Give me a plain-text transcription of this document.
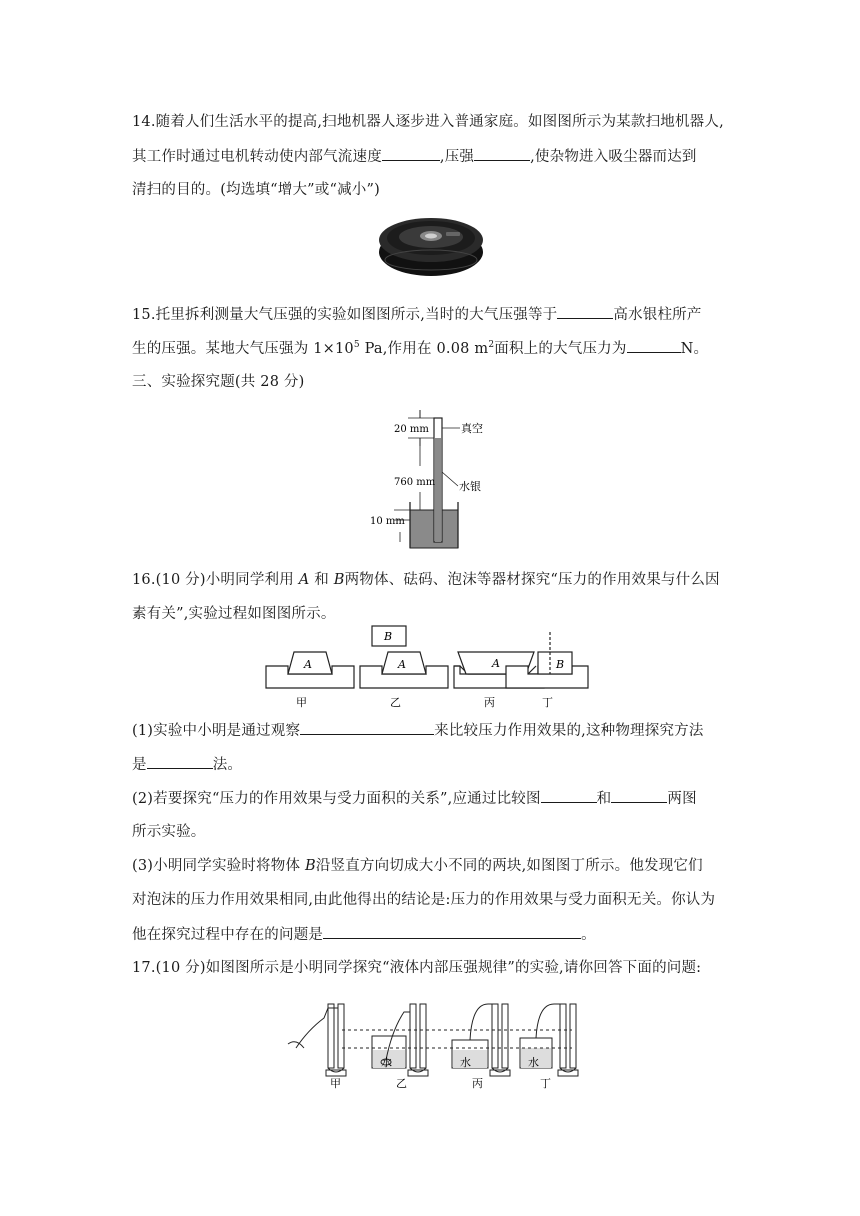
14.随着人们生活水平的提高,扫地机器人逐步进入普通家庭。如图图所示为某款扫地机器人,
其工作时通过电机转动使内部气流速度	,压强	,使杂物进入吸尘器而达到
清扫的目的。(均选填“增大”或“减小”)
15.托里拆利测量大气压强的实验如图图所示,当时的大气压强等于	高水银柱所产
生的压强。某地大气压强为 $1\times 10^5$ Pa,作用在 0.08 $m^2$面积上的大气压力为	N。
三、实验探究题(共 28 分)
20 mm
760 mm
10 mm
真空
水银
16.(10 分)小明同学利用 A 和 B两物体、砝码、泡沫等器材探究“压力的作用效果与什么因
素有关”,实验过程如图图所示。
A	A
B
A	B
甲	乙	丙	丁
(1)实验中小明是通过观察	来比较压力作用效果的,这种物理探究方法
是	法。
(2)若要探究“压力的作用效果与受力面积的关系”,应通过比较图	和	两图
所示实验。
(3)小明同学实验时将物体 B沿竖直方向切成大小不同的两块,如图图丁所示。他发现它们
对泡沫的压力作用效果相同,由此他得出的结论是:压力的作用效果与受力面积无关。你认为
他在探究过程中存在的问题是	。
17.(10 分)如图图所示是小明同学探究“液体内部压强规律”的实验,请你回答下面的问题:
水	水	水
甲	乙	丙	丁
